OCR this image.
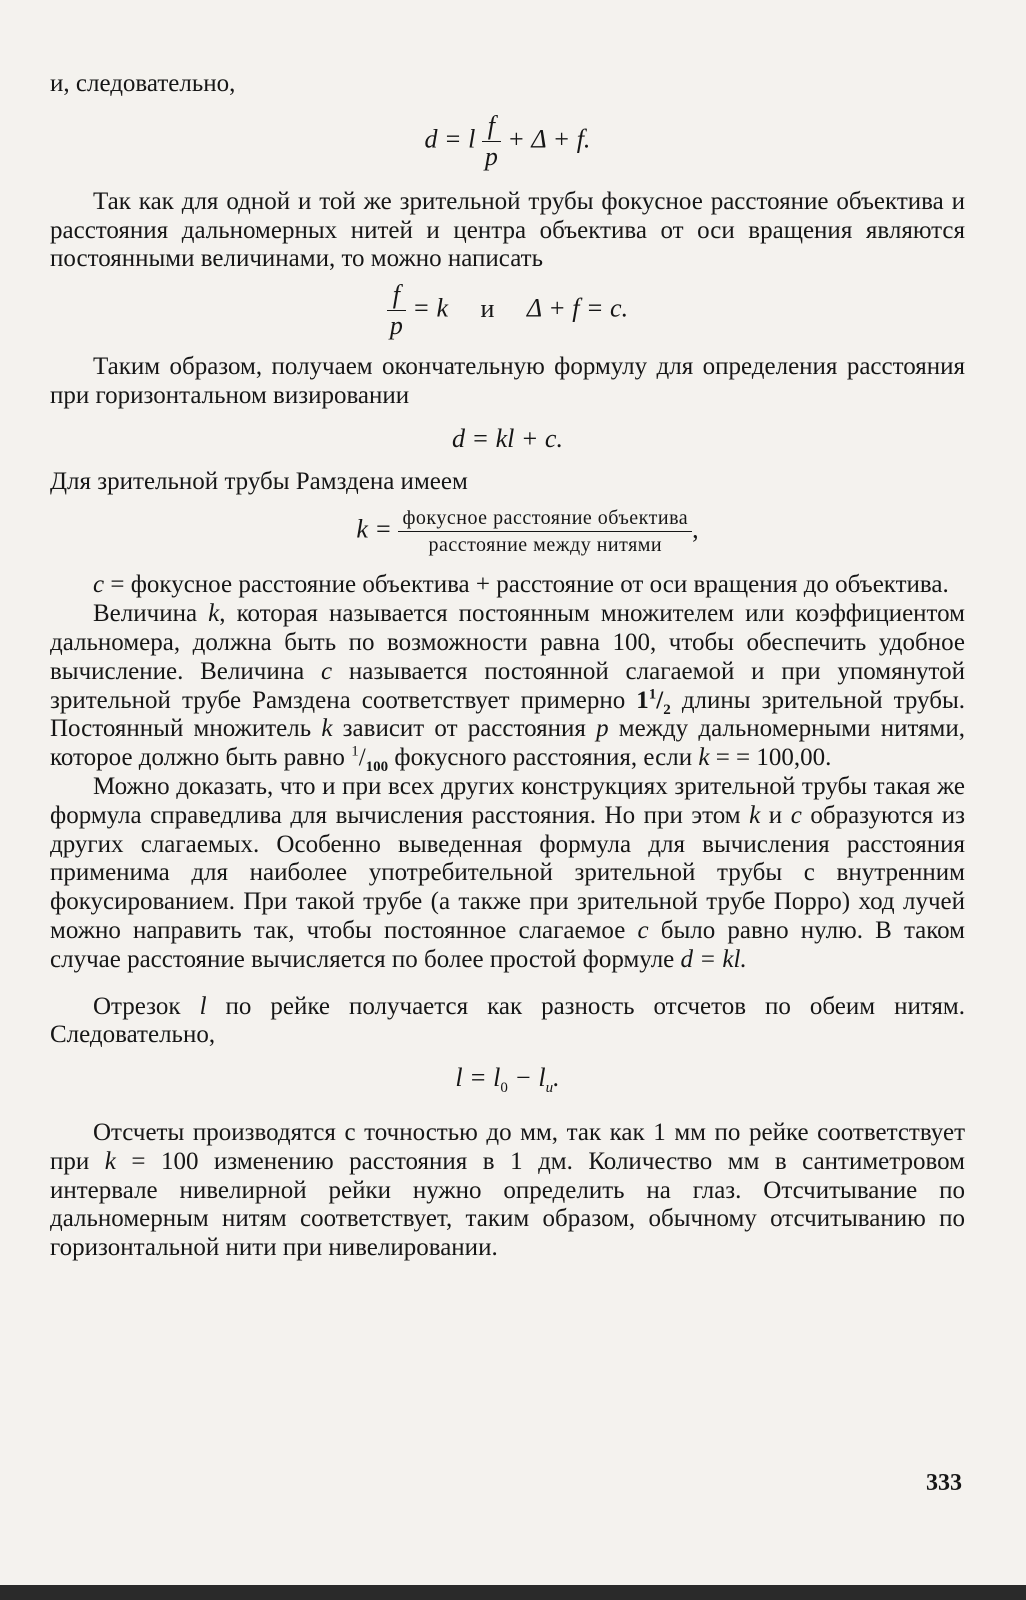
и, следовательно,

d = l $\frac{f}{p} + \Delta + f$.

Так как для одной и той же зрительной трубы фокусное расстояние объектива и расстояния дальномерных нитей и центра объектива от оси вращения являются постоянными величинами, то можно написать

$\frac{f}{p} = k$ и Δ + f = c.

Таким образом, получаем окончательную формулу для определения расстояния при горизонтальном визировании

d = kl + c.

Для зрительной трубы Рамздена имеем

$k = \frac{\text{фокусное расстояние объектива}}{\text{расстояние между нитями}}$ ,

c = фокусное расстояние объектива + расстояние от оси вращения до объектива.

Величина k, которая называется постоянным множителем или коэффициентом дальномера, должна быть по возможности равна 100, чтобы обеспечить удобное вычисление. Величина c называется постоянной слагаемой и при упомянутой зрительной трубе Рамздена соответствует примерно $1^1/_2$ длины зрительной трубы. Постоянный множитель k зависит от расстояния p между дальномерными нитями, которое должно быть равно $^1/_{100}$ фокусного расстояния, если k = = 100,00.

Можно доказать, что и при всех других конструкциях зрительной трубы такая же формула справедлива для вычисления расстояния. Но при этом k и c образуются из других слагаемых. Особенно выведенная формула для вычисления расстояния применима для наиболее употребительной зрительной трубы с внутренним фокусированием. При такой трубе (а также при зрительной трубе Порро) ход лучей можно направить так, чтобы постоянное слагаемое c было равно нулю. В таком случае расстояние вычисляется по более простой формуле d = kl.

Отрезок l по рейке получается как разность отсчетов по обеим нитям. Следовательно,

$l = l_0 - l_u$.

Отсчеты производятся с точностью до мм, так как 1 мм по рейке соответствует при k = 100 изменению расстояния в 1 дм. Количество мм в сантиметровом интервале нивелирной рейки нужно определить на глаз. Отсчитывание по дальномерным нитям соответствует, таким образом, обычному отсчитыванию по горизонтальной нити при нивелировании.

333
